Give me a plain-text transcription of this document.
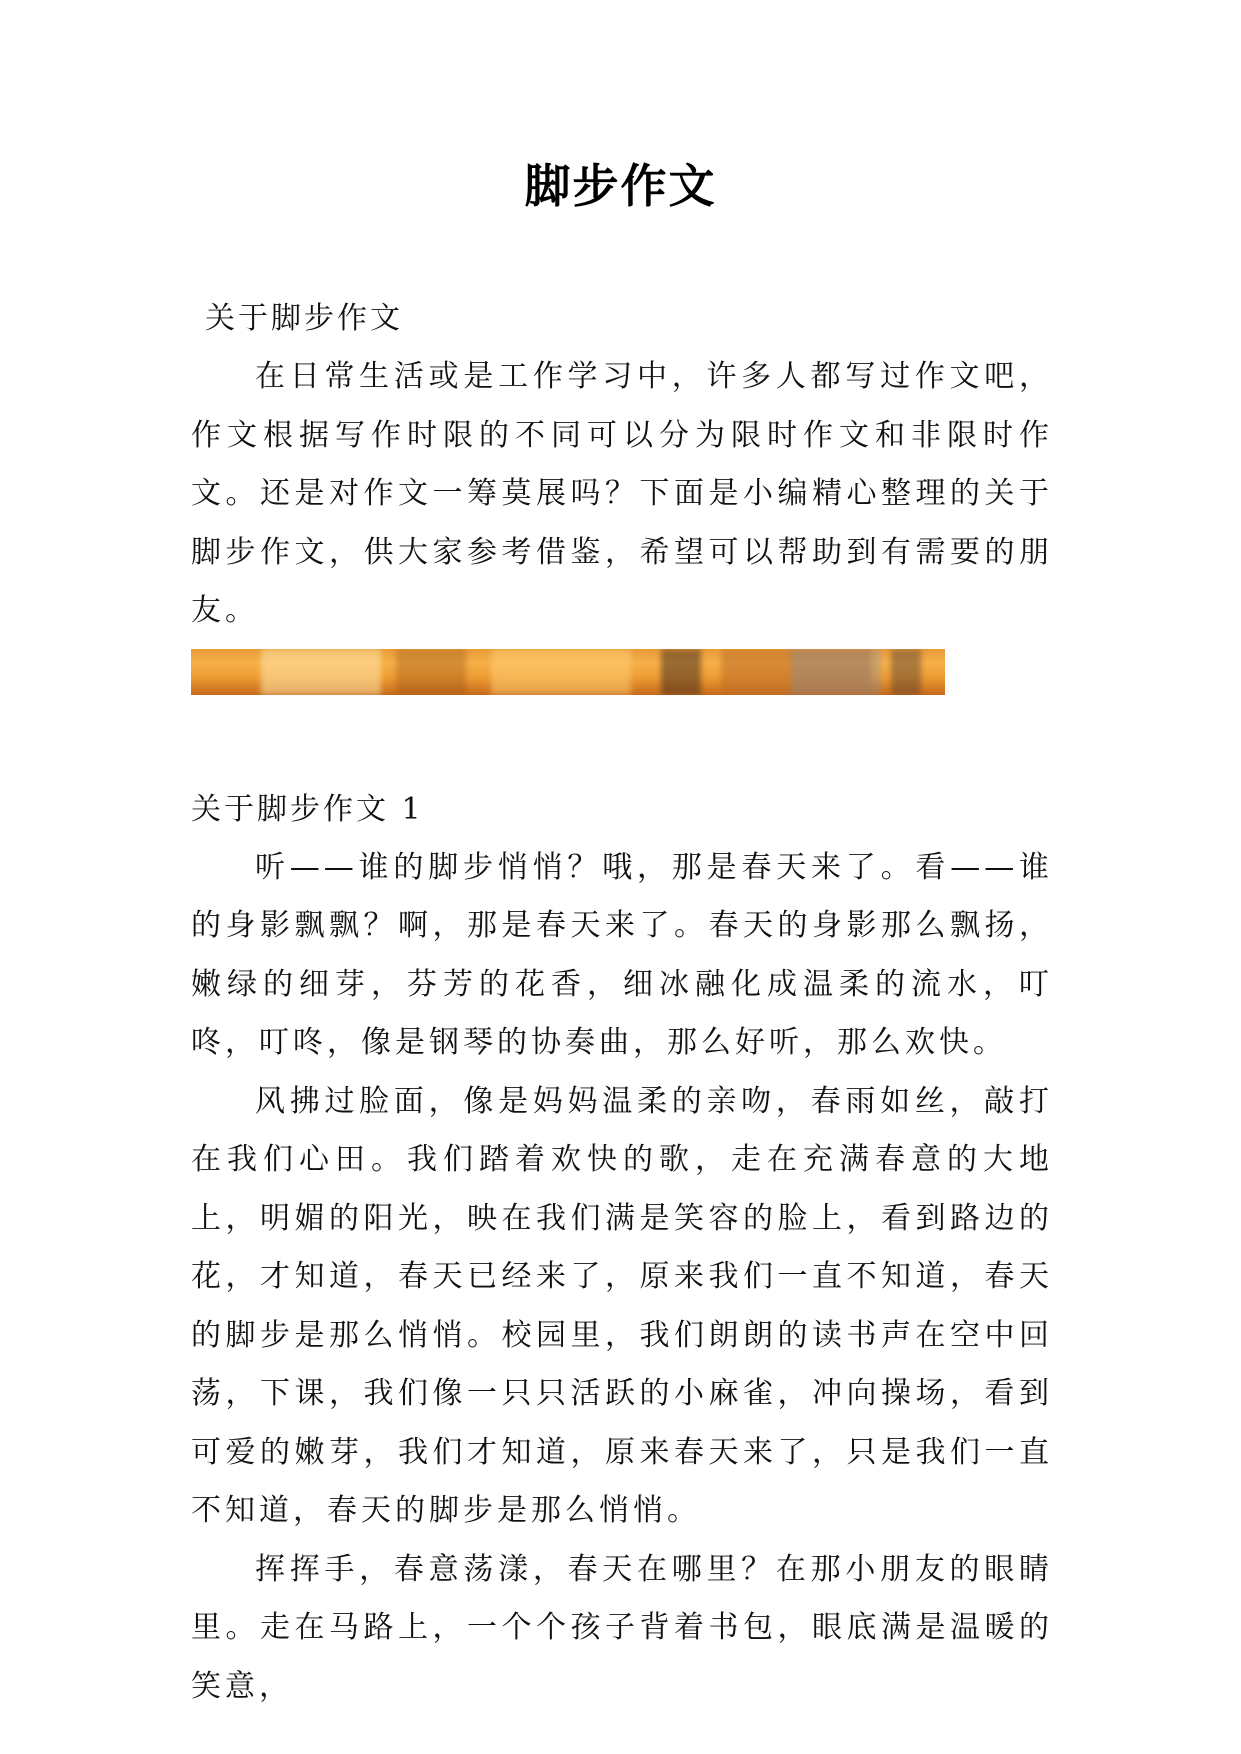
脚步作文

关于脚步作文

在日常生活或是工作学习中，许多人都写过作文吧，作文根据写作时限的不同可以分为限时作文和非限时作文。还是对作文一筹莫展吗？下面是小编精心整理的关于脚步作文，供大家参考借鉴，希望可以帮助到有需要的朋友。

关于脚步作文 1

听——谁的脚步悄悄？哦，那是春天来了。看——谁的身影飘飘？啊，那是春天来了。春天的身影那么飘扬，嫩绿的细芽，芬芳的花香，细冰融化成温柔的流水，叮咚，叮咚，像是钢琴的协奏曲，那么好听，那么欢快。

风拂过脸面，像是妈妈温柔的亲吻，春雨如丝，敲打在我们心田。我们踏着欢快的歌，走在充满春意的大地上，明媚的阳光，映在我们满是笑容的脸上，看到路边的花，才知道，春天已经来了，原来我们一直不知道，春天的脚步是那么悄悄。校园里，我们朗朗的读书声在空中回荡，下课，我们像一只只活跃的小麻雀，冲向操场，看到可爱的嫩芽，我们才知道，原来春天来了，只是我们一直不知道，春天的脚步是那么悄悄。

挥挥手，春意荡漾，春天在哪里？在那小朋友的眼睛里。走在马路上，一个个孩子背着书包，眼底满是温暖的笑意，
